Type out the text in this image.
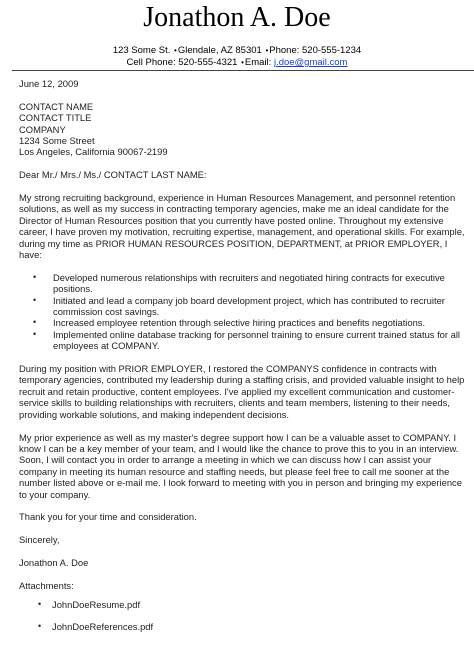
Jonathon A. Doe
123 Some St. •Glendale, AZ 85301 •Phone: 520-555-1234
Cell Phone: 520-555-4321 •Email: j.doe@gmail.com

June 12, 2009

CONTACT NAME

CONTACT TITLE

COMPANY

1234 Some Street

Los Angeles, California 90067-2199

Dear Mr./ Mrs./ Ms./ CONTACT LAST NAME:

My strong recruiting background, experience in Human Resources Management, and personnel retention solutions, as well as my success in contracting temporary agencies, make me an ideal candidate for the Director of Human Resources position that you currently have posted online. Throughout my extensive career, I have proven my motivation, recruiting expertise, management, and operational skills. For example, during my time as PRIOR HUMAN RESOURCES POSITION, DEPARTMENT, at PRIOR EMPLOYER, I have:

• Developed numerous relationships with recruiters and negotiated hiring contracts for executive positions.
• Initiated and lead a company job board development project, which has contributed to recruiter commission cost savings.
• Increased employee retention through selective hiring practices and benefits negotiations.
• Implemented online database tracking for personnel training to ensure current trained status for all employees at COMPANY.

During my position with PRIOR EMPLOYER, I restored the COMPANYS confidence in contracts with temporary agencies, contributed my leadership during a staffing crisis, and provided valuable insight to help recruit and retain productive, content employees. I've applied my excellent communication and customer-service skills to building relationships with recruiters, clients and team members, listening to their needs, providing workable solutions, and making independent decisions.

My prior experience as well as my master's degree support how I can be a valuable asset to COMPANY. I know I can be a key member of your team, and I would like the chance to prove this to you in an interview. Soon, I will contact you in order to arrange a meeting in which we can discuss how I can assist your company in meeting its human resource and staffing needs, but please feel free to call me sooner at the number listed above or e-mail me. I look forward to meeting with you in person and bringing my experience to your company.

Thank you for your time and consideration.

Sincerely,

Jonathon A. Doe

Attachments:

• JohnDoeResume.pdf
• JohnDoeReferences.pdf
